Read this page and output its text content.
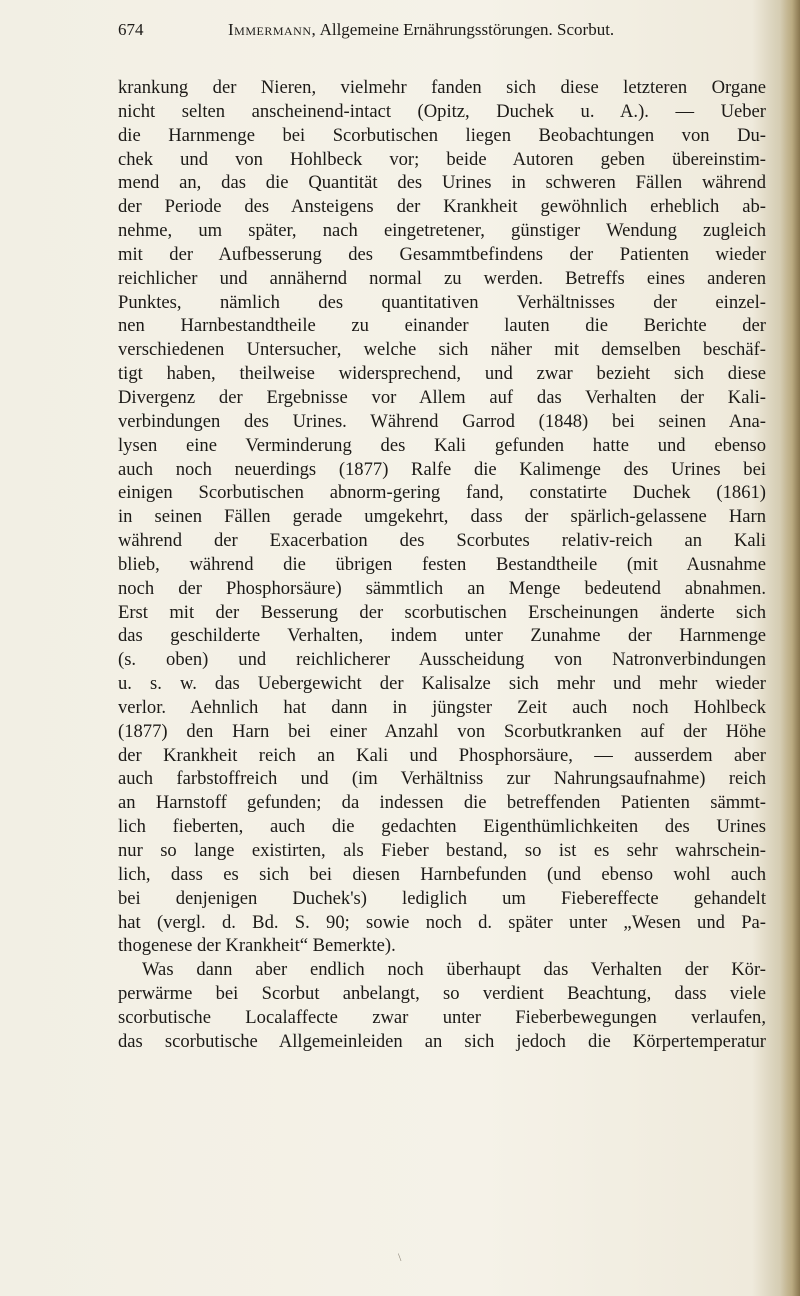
674	Immermann, Allgemeine Ernährungsstörungen. Scorbut.
krankung der Nieren, vielmehr fanden sich diese letzteren Organe
nicht selten anscheinend-intact (Opitz, Duchek u. A.). — Ueber
die Harnmenge bei Scorbutischen liegen Beobachtungen von Du-
chek und von Hohlbeck vor; beide Autoren geben übereinstim-
mend an, das die Quantität des Urines in schweren Fällen während
der Periode des Ansteigens der Krankheit gewöhnlich erheblich ab-
nehme, um später, nach eingetretener, günstiger Wendung zugleich
mit der Aufbesserung des Gesammtbefindens der Patienten wieder
reichlicher und annähernd normal zu werden. Betreffs eines anderen
Punktes, nämlich des quantitativen Verhältnisses der einzel-
nen Harnbestandtheile zu einander lauten die Berichte der
verschiedenen Untersucher, welche sich näher mit demselben beschäf-
tigt haben, theilweise widersprechend, und zwar bezieht sich diese
Divergenz der Ergebnisse vor Allem auf das Verhalten der Kali-
verbindungen des Urines. Während Garrod (1848) bei seinen Ana-
lysen eine Verminderung des Kali gefunden hatte und ebenso
auch noch neuerdings (1877) Ralfe die Kalimenge des Urines bei
einigen Scorbutischen abnorm-gering fand, constatirte Duchek (1861)
in seinen Fällen gerade umgekehrt, dass der spärlich-gelassene Harn
während der Exacerbation des Scorbutes relativ-reich an Kali
blieb, während die übrigen festen Bestandtheile (mit Ausnahme
noch der Phosphorsäure) sämmtlich an Menge bedeutend abnahmen.
Erst mit der Besserung der scorbutischen Erscheinungen änderte sich
das geschilderte Verhalten, indem unter Zunahme der Harnmenge
(s. oben) und reichlicherer Ausscheidung von Natronverbindungen
u. s. w. das Uebergewicht der Kalisalze sich mehr und mehr wieder
verlor. Aehnlich hat dann in jüngster Zeit auch noch Hohlbeck
(1877) den Harn bei einer Anzahl von Scorbutkranken auf der Höhe
der Krankheit reich an Kali und Phosphorsäure, — ausserdem aber
auch farbstoffreich und (im Verhältniss zur Nahrungsaufnahme) reich
an Harnstoff gefunden; da indessen die betreffenden Patienten sämmt-
lich fieberten, auch die gedachten Eigenthümlichkeiten des Urines
nur so lange existirten, als Fieber bestand, so ist es sehr wahrschein-
lich, dass es sich bei diesen Harnbefunden (und ebenso wohl auch
bei denjenigen Duchek's) lediglich um Fiebereffecte gehandelt
hat (vergl. d. Bd. S. 90; sowie noch d. später unter „Wesen und Pa-
thogenese der Krankheit“ Bemerkte).
Was dann aber endlich noch überhaupt das Verhalten der Kör-
perwärme bei Scorbut anbelangt, so verdient Beachtung, dass viele
scorbutische Localaffecte zwar unter Fieberbewegungen verlaufen,
das scorbutische Allgemeinleiden an sich jedoch die Körpertemperatur
\
